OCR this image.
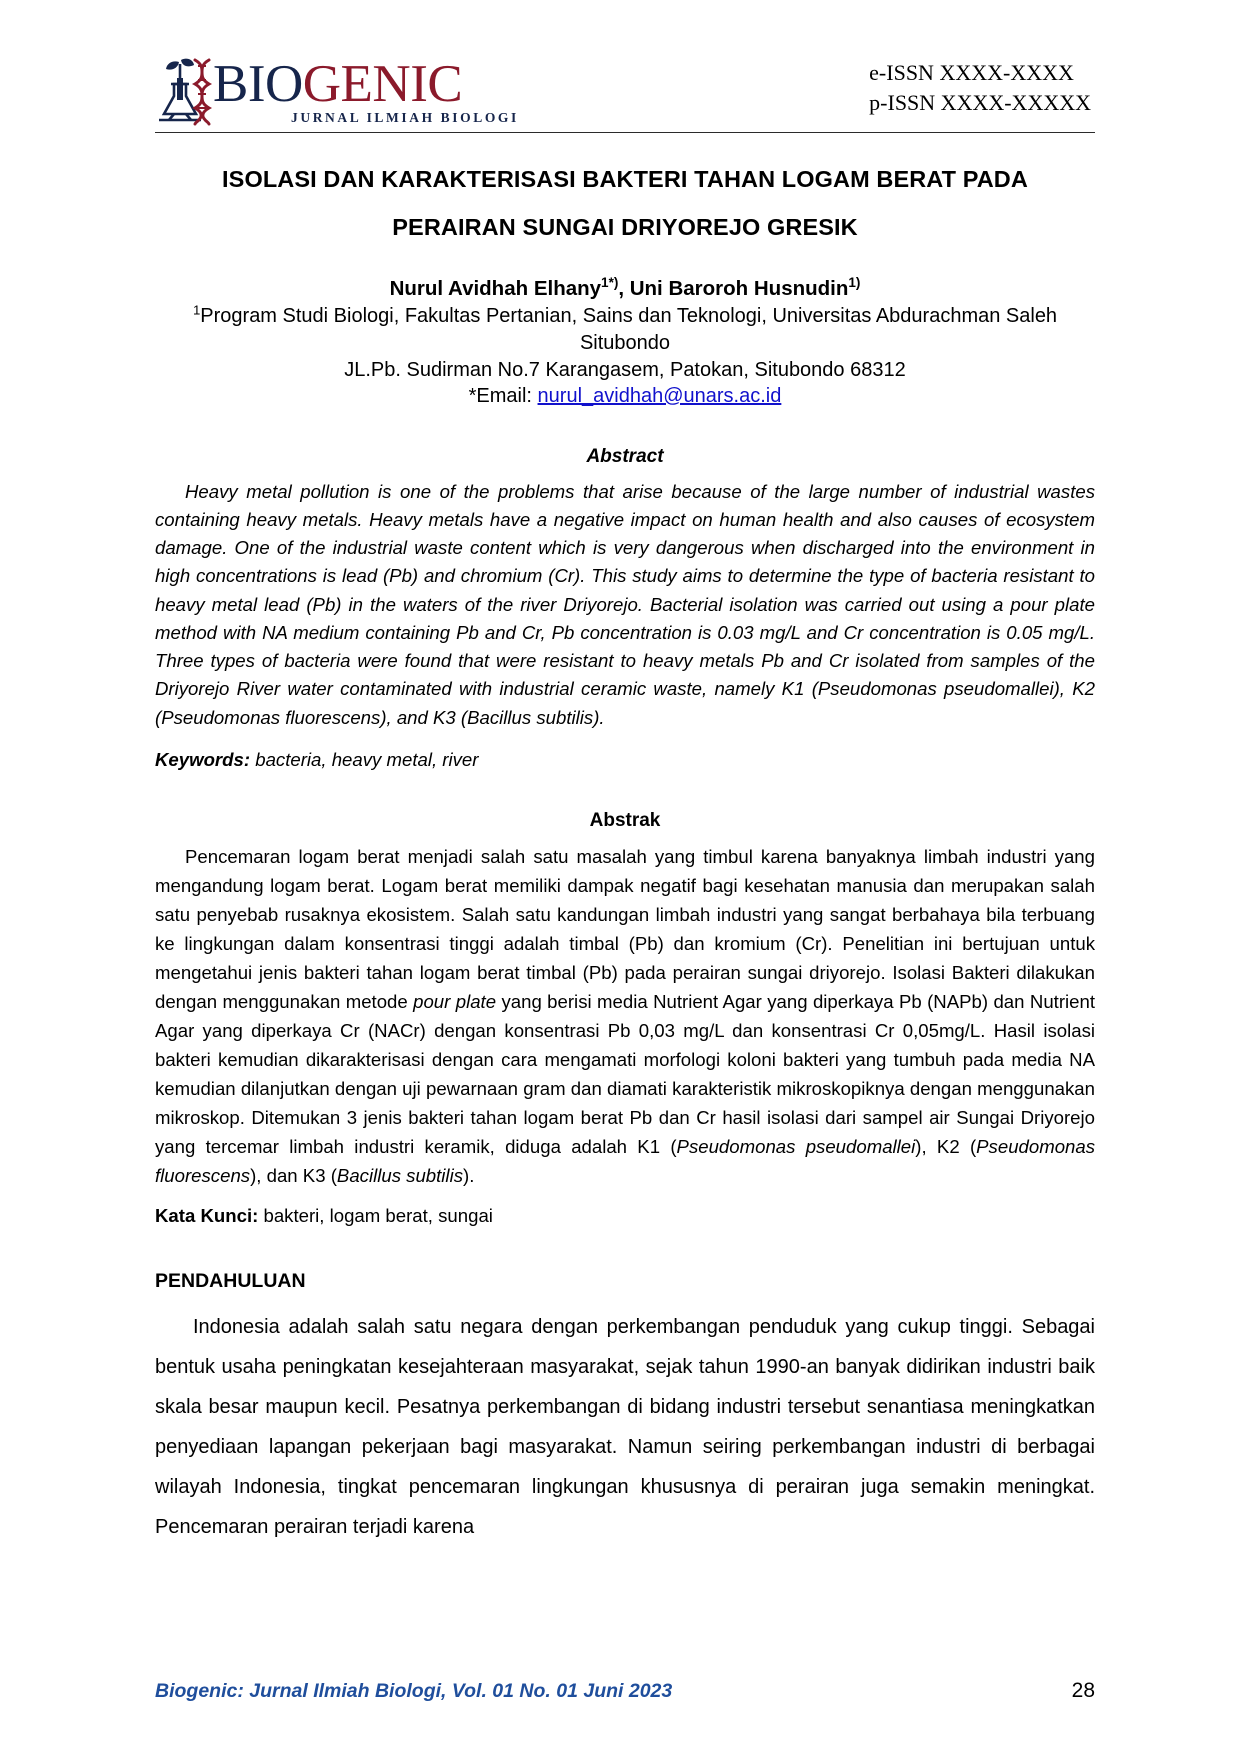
BIOGENIC
JURNAL ILMIAH BIOLOGI
e-ISSN XXXX-XXXX
p-ISSN XXXX-XXXXX
ISOLASI DAN KARAKTERISASI BAKTERI TAHAN LOGAM BERAT PADA
PERAIRAN SUNGAI DRIYOREJO GRESIK
Nurul Avidhah Elhany$^{1*)}$, Uni Baroroh Husnudin$^{1)}$
$^1$Program Studi Biologi, Fakultas Pertanian, Sains dan Teknologi, Universitas Abdurachman Saleh Situbondo
JL.Pb. Sudirman No.7 Karangasem, Patokan, Situbondo 68312
*Email: nurul_avidhah@unars.ac.id
Abstract
Heavy metal pollution is one of the problems that arise because of the large number of industrial wastes containing heavy metals. Heavy metals have a negative impact on human health and also causes of ecosystem damage. One of the industrial waste content which is very dangerous when discharged into the environment in high concentrations is lead (Pb) and chromium (Cr). This study aims to determine the type of bacteria resistant to heavy metal lead (Pb) in the waters of the river Driyorejo. Bacterial isolation was carried out using a pour plate method with NA medium containing Pb and Cr, Pb concentration is 0.03 mg/L and Cr concentration is 0.05 mg/L. Three types of bacteria were found that were resistant to heavy metals Pb and Cr isolated from samples of the Driyorejo River water contaminated with industrial ceramic waste, namely K1 (Pseudomonas pseudomallei), K2 (Pseudomonas fluorescens), and K3 (Bacillus subtilis).
Keywords: bacteria, heavy metal, river
Abstrak
Pencemaran logam berat menjadi salah satu masalah yang timbul karena banyaknya limbah industri yang mengandung logam berat. Logam berat memiliki dampak negatif bagi kesehatan manusia dan merupakan salah satu penyebab rusaknya ekosistem. Salah satu kandungan limbah industri yang sangat berbahaya bila terbuang ke lingkungan dalam konsentrasi tinggi adalah timbal (Pb) dan kromium (Cr). Penelitian ini bertujuan untuk mengetahui jenis bakteri tahan logam berat timbal (Pb) pada perairan sungai driyorejo. Isolasi Bakteri dilakukan dengan menggunakan metode pour plate yang berisi media Nutrient Agar yang diperkaya Pb (NAPb) dan Nutrient Agar yang diperkaya Cr (NACr) dengan konsentrasi Pb 0,03 mg/L dan konsentrasi Cr 0,05mg/L. Hasil isolasi bakteri kemudian dikarakterisasi dengan cara mengamati morfologi koloni bakteri yang tumbuh pada media NA kemudian dilanjutkan dengan uji pewarnaan gram dan diamati karakteristik mikroskopiknya dengan menggunakan mikroskop. Ditemukan 3 jenis bakteri tahan logam berat Pb dan Cr hasil isolasi dari sampel air Sungai Driyorejo yang tercemar limbah industri keramik, diduga adalah K1 (Pseudomonas pseudomallei), K2 (Pseudomonas fluorescens), dan K3 (Bacillus subtilis).
Kata Kunci: bakteri, logam berat, sungai
PENDAHULUAN
Indonesia adalah salah satu negara dengan perkembangan penduduk yang cukup tinggi. Sebagai bentuk usaha peningkatan kesejahteraan masyarakat, sejak tahun 1990-an banyak didirikan industri baik skala besar maupun kecil. Pesatnya perkembangan di bidang industri tersebut senantiasa meningkatkan penyediaan lapangan pekerjaan bagi masyarakat. Namun seiring perkembangan industri di berbagai wilayah Indonesia, tingkat pencemaran lingkungan khususnya di perairan juga semakin meningkat. Pencemaran perairan terjadi karena
Biogenic: Jurnal Ilmiah Biologi, Vol. 01 No. 01 Juni 2023	28
